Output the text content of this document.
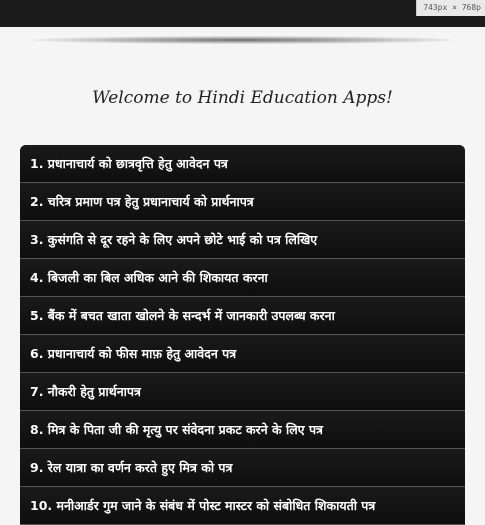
743px × 768p
Welcome to Hindi Education Apps!
1. प्रधानाचार्य को छात्रवृत्ति हेतु आवेदन पत्र
2. चरित्र प्रमाण पत्र हेतु प्रधानाचार्य को प्रार्थनापत्र
3. कुसंगति से दूर रहने के लिए अपने छोटे भाई को पत्र लिखिए
4. बिजली का बिल अधिक आने की शिकायत करना
5. बैंक में बचत खाता खोलने के सन्दर्भ में जानकारी उपलब्ध करना
6. प्रधानाचार्य को फीस माफ़ हेतु आवेदन पत्र
7. नौकरी हेतु प्रार्थनापत्र
8. मित्र के पिता जी की मृत्यु पर संवेदना प्रकट करने के लिए पत्र
9. रेल यात्रा का वर्णन करते हुए मित्र को पत्र
10. मनीआर्डर गुम जाने के संबंध में पोस्ट मास्टर को संबोधित शिकायती पत्र
